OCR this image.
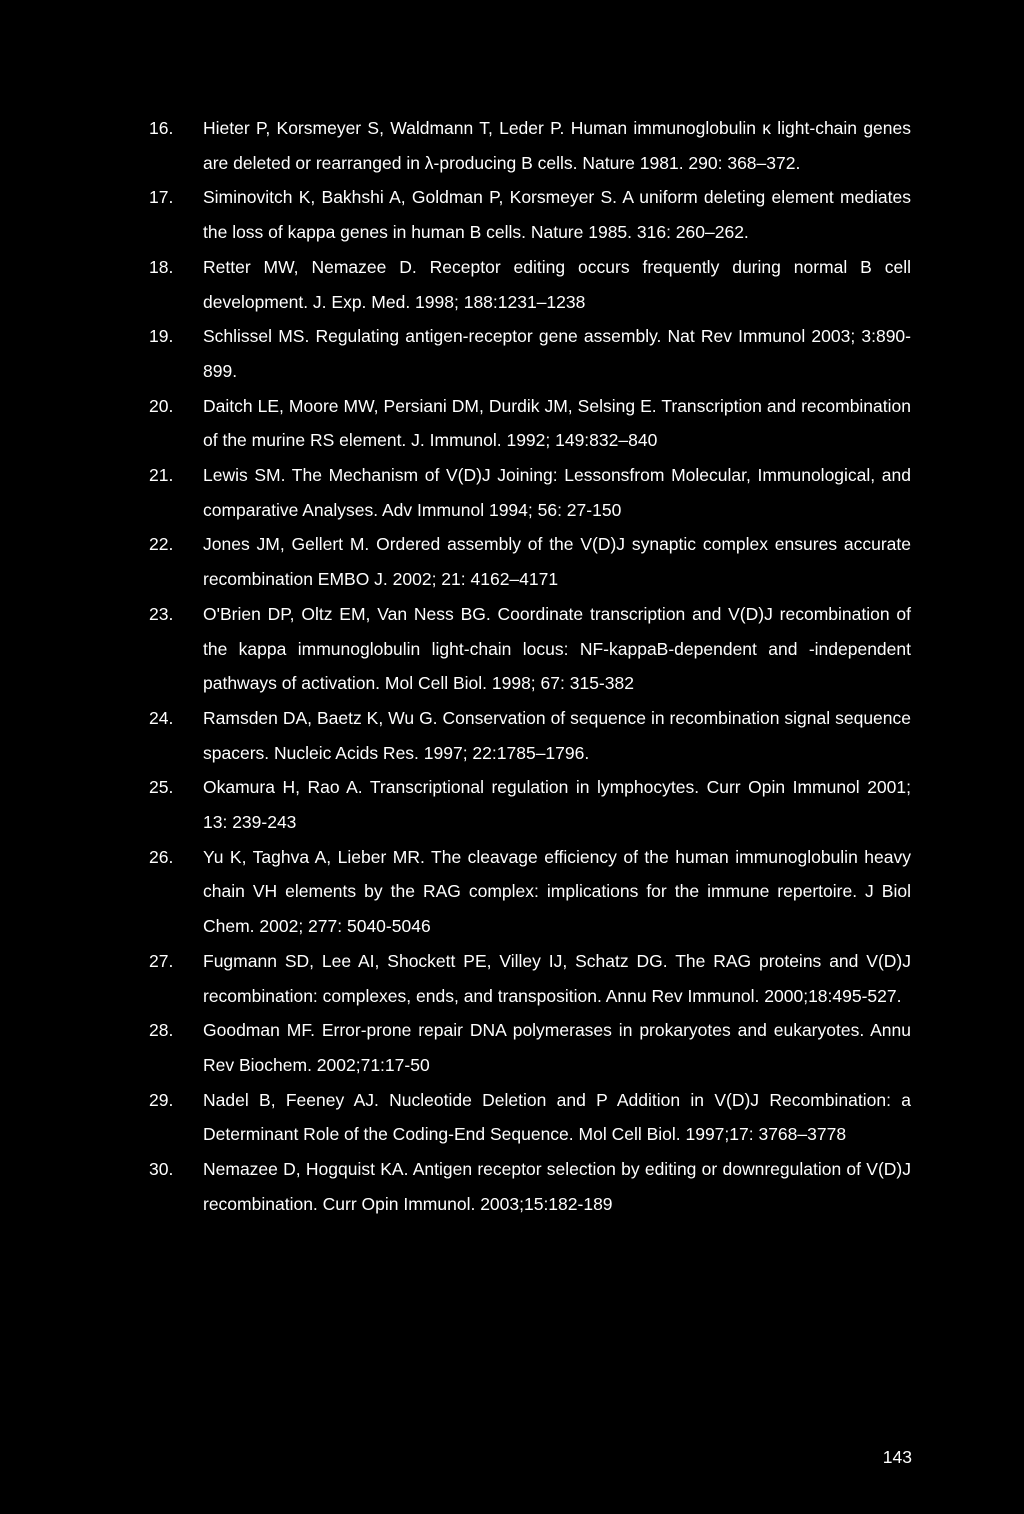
16. Hieter P, Korsmeyer S, Waldmann T, Leder P. Human immunoglobulin κ light-chain genes are deleted or rearranged in λ-producing B cells. Nature 1981. 290: 368–372.
17. Siminovitch K, Bakhshi A, Goldman P, Korsmeyer S. A uniform deleting element mediates the loss of kappa genes in human B cells. Nature 1985. 316: 260–262.
18. Retter MW, Nemazee D. Receptor editing occurs frequently during normal B cell development. J. Exp. Med. 1998; 188:1231–1238
19. Schlissel MS. Regulating antigen-receptor gene assembly. Nat Rev Immunol 2003; 3:890-899.
20. Daitch LE, Moore MW, Persiani DM, Durdik JM, Selsing E. Transcription and recombination of the murine RS element. J. Immunol. 1992; 149:832–840
21. Lewis SM. The Mechanism of V(D)J Joining: Lessonsfrom Molecular, Immunological, and comparative Analyses. Adv Immunol 1994; 56: 27-150
22. Jones JM, Gellert M. Ordered assembly of the V(D)J synaptic complex ensures accurate recombination EMBO J. 2002; 21: 4162–4171
23. O'Brien DP, Oltz EM, Van Ness BG. Coordinate transcription and V(D)J recombination of the kappa immunoglobulin light-chain locus: NF-kappaB-dependent and -independent pathways of activation. Mol Cell Biol. 1998; 67: 315-382
24. Ramsden DA, Baetz K, Wu G. Conservation of sequence in recombination signal sequence spacers. Nucleic Acids Res. 1997; 22:1785–1796.
25. Okamura H, Rao A. Transcriptional regulation in lymphocytes. Curr Opin Immunol 2001; 13: 239-243
26. Yu K, Taghva A, Lieber MR. The cleavage efficiency of the human immunoglobulin heavy chain VH elements by the RAG complex: implications for the immune repertoire. J Biol Chem. 2002; 277: 5040-5046
27. Fugmann SD, Lee AI, Shockett PE, Villey IJ, Schatz DG. The RAG proteins and V(D)J recombination: complexes, ends, and transposition. Annu Rev Immunol. 2000;18:495-527.
28. Goodman MF. Error-prone repair DNA polymerases in prokaryotes and eukaryotes. Annu Rev Biochem. 2002;71:17-50
29. Nadel B, Feeney AJ. Nucleotide Deletion and P Addition in V(D)J Recombination: a Determinant Role of the Coding-End Sequence. Mol Cell Biol. 1997;17: 3768–3778
30. Nemazee D, Hogquist KA. Antigen receptor selection by editing or downregulation of V(D)J recombination. Curr Opin Immunol. 2003;15:182-189
143
